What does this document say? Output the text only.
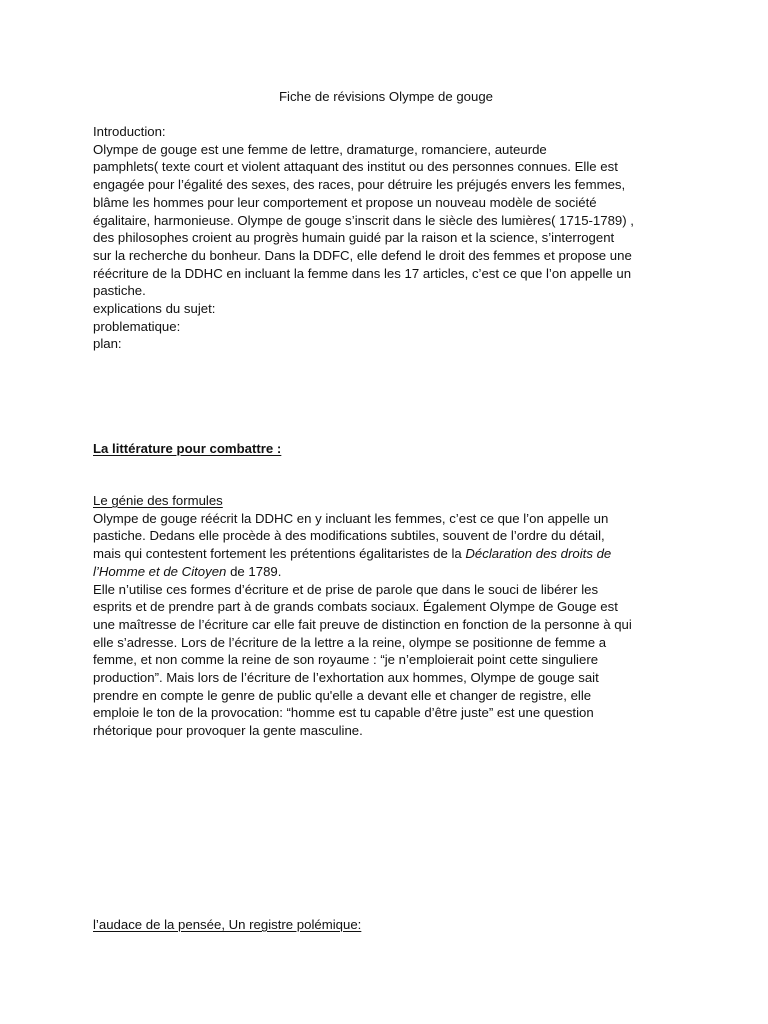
Fiche de révisions Olympe de gouge
Introduction:
Olympe de gouge est une femme de lettre, dramaturge, romanciere, auteurde
pamphlets( texte court et violent attaquant des institut ou des personnes connues. Elle est
engagée pour l’égalité des sexes, des races, pour détruire les préjugés envers les femmes,
blâme les hommes pour leur comportement et propose un nouveau modèle de société
égalitaire, harmonieuse. Olympe de gouge s’inscrit dans le siècle des lumières( 1715-1789) ,
des philosophes croient au progrès humain guidé par la raison et la science, s’interrogent
sur la recherche du bonheur. Dans la DDFC, elle defend le droit des femmes et propose une
réécriture de la DDHC en incluant la femme dans les 17 articles, c’est ce que l’on appelle un
pastiche.
explications du sujet:
problematique:
plan:
La littérature pour combattre :
Le génie des formules
Olympe de gouge réécrit la DDHC en y incluant les femmes, c’est ce que l’on appelle un
pastiche. Dedans elle procède à des modifications subtiles, souvent de l’ordre du détail,
mais qui contestent fortement les prétentions égalitaristes de la Déclaration des droits de
l’Homme et de Citoyen de 1789.
Elle n’utilise ces formes d’écriture et de prise de parole que dans le souci de libérer les
esprits et de prendre part à de grands combats sociaux. Également Olympe de Gouge est
une maîtresse de l’écriture car elle fait preuve de distinction en fonction de la personne à qui
elle s’adresse. Lors de l’écriture de la lettre a la reine, olympe se positionne de femme a
femme, et non comme la reine de son royaume : “je n’emploierait point cette singuliere
production”. Mais lors de l’écriture de l’exhortation aux hommes, Olympe de gouge sait
prendre en compte le genre de public qu'elle a devant elle et changer de registre, elle
emploie le ton de la provocation: “homme est tu capable d’être juste” est une question
rhétorique pour provoquer la gente masculine.
l’audace de la pensée, Un registre polémique:
